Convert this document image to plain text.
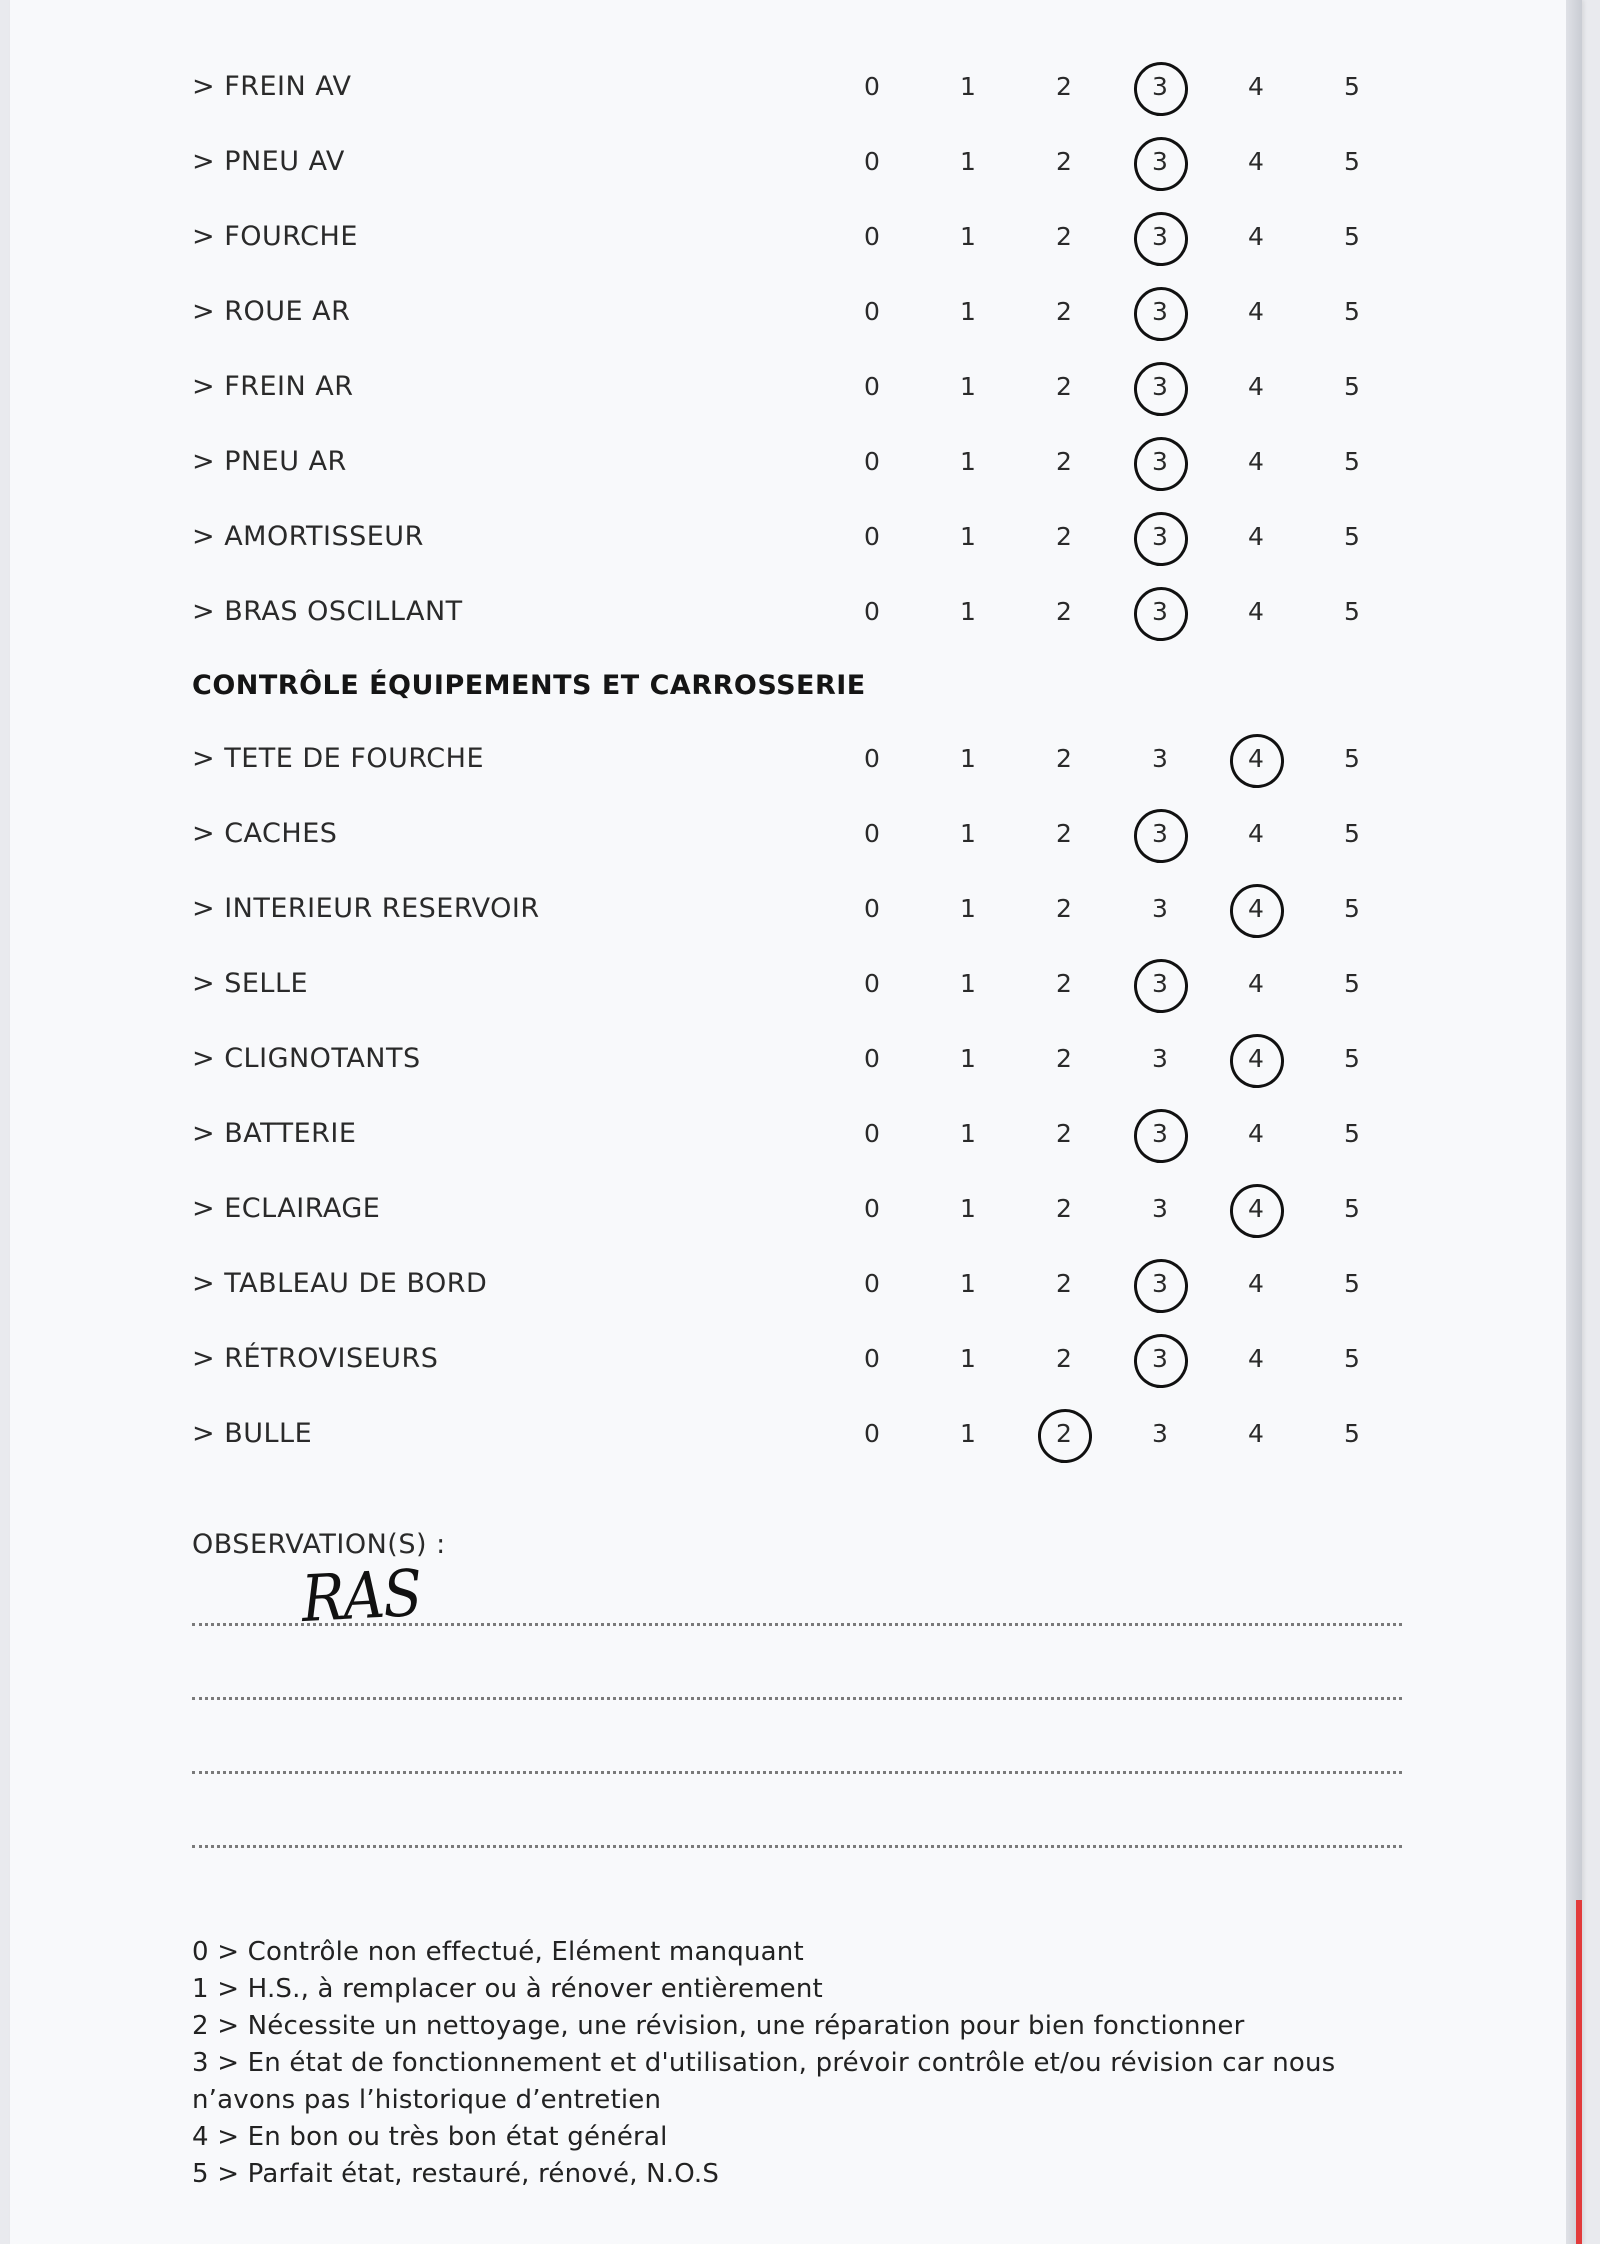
> FREIN AV	0	1	2	3	4	5
> PNEU AV	0	1	2	3	4	5
> FOURCHE	0	1	2	3	4	5
> ROUE AR	0	1	2	3	4	5
> FREIN AR	0	1	2	3	4	5
> PNEU AR	0	1	2	3	4	5
> AMORTISSEUR	0	1	2	3	4	5
> BRAS OSCILLANT	0	1	2	3	4	5
CONTRÔLE ÉQUIPEMENTS ET CARROSSERIE
> TETE DE FOURCHE	0	1	2	3	4	5
> CACHES	0	1	2	3	4	5
> INTERIEUR RESERVOIR	0	1	2	3	4	5
> SELLE	0	1	2	3	4	5
> CLIGNOTANTS	0	1	2	3	4	5
> BATTERIE	0	1	2	3	4	5
> ECLAIRAGE	0	1	2	3	4	5
> TABLEAU DE BORD	0	1	2	3	4	5
> RÉTROVISEURS	0	1	2	3	4	5
> BULLE	0	1	2	3	4	5
OBSERVATION(S) :
RAS
0 > Contrôle non effectué, Elément manquant
1 > H.S., à remplacer ou à rénover entièrement
2 > Nécessite un nettoyage, une révision, une réparation pour bien fonctionner
3 > En état de fonctionnement et d'utilisation, prévoir contrôle et/ou révision car nous
n’avons pas l’historique d’entretien
4 > En bon ou très bon état général
5 > Parfait état, restauré, rénové, N.O.S
